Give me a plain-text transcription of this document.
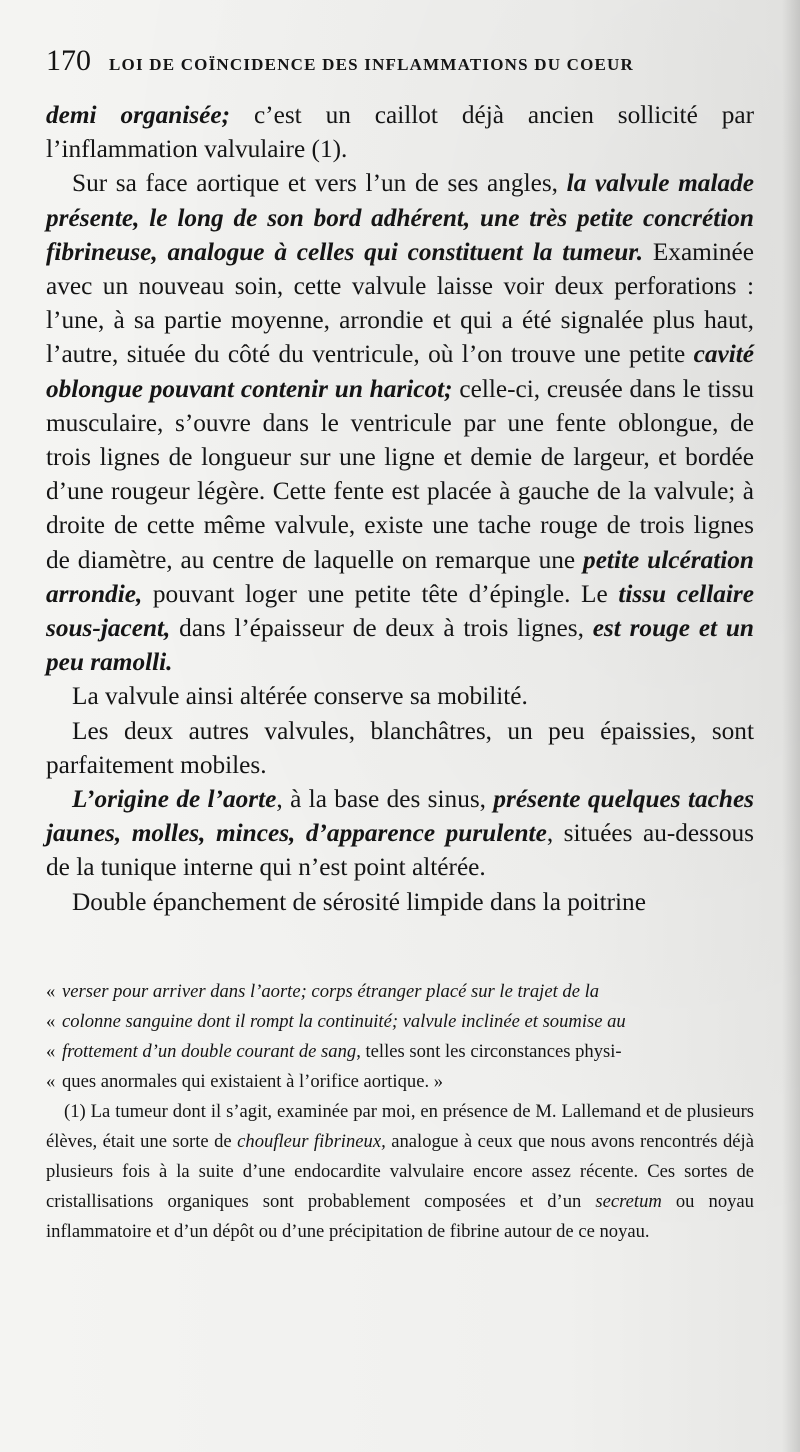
170 LOI DE COÏNCIDENCE DES INFLAMMATIONS DU COEUR

demi organisée; c’est un caillot déjà ancien sollicité par l’inflammation valvulaire (1).

Sur sa face aortique et vers l’un de ses angles, la valvule malade présente, le long de son bord adhérent, une très petite concrétion fibrineuse, analogue à celles qui constituent la tumeur. Examinée avec un nouveau soin, cette valvule laisse voir deux perforations : l’une, à sa partie moyenne, arrondie et qui a été signalée plus haut, l’autre, située du côté du ventricule, où l’on trouve une petite cavité oblongue pouvant contenir un haricot; celle-ci, creusée dans le tissu musculaire, s’ouvre dans le ventricule par une fente oblongue, de trois lignes de longueur sur une ligne et demie de largeur, et bordée d’une rougeur légère. Cette fente est placée à gauche de la valvule; à droite de cette même valvule, existe une tache rouge de trois lignes de diamètre, au centre de laquelle on remarque une petite ulcération arrondie, pouvant loger une petite tête d’épingle. Le tissu cellaire sous-jacent, dans l’épaisseur de deux à trois lignes, est rouge et un peu ramolli.

La valvule ainsi altérée conserve sa mobilité.

Les deux autres valvules, blanchâtres, un peu épaissies, sont parfaitement mobiles.

L’origine de l’aorte, à la base des sinus, présente quelques taches jaunes, molles, minces, d’apparence purulente, situées au-dessous de la tunique interne qui n’est point altérée.

Double épanchement de sérosité limpide dans la poitrine

« verser pour arriver dans l’aorte; corps étranger placé sur le trajet de la

« colonne sanguine dont il rompt la continuité; valvule inclinée et soumise au

« frottement d’un double courant de sang, telles sont les circonstances physi-

« ques anormales qui existaient à l’orifice aortique. »

(1) La tumeur dont il s’agit, examinée par moi, en présence de M. Lallemand et de plusieurs élèves, était une sorte de choufleur fibrineux, analogue à ceux que nous avons rencontrés déjà plusieurs fois à la suite d’une endocardite valvulaire encore assez récente. Ces sortes de cristallisations organiques sont probablement composées et d’un secretum ou noyau inflammatoire et d’un dépôt ou d’une précipitation de fibrine autour de ce noyau.
